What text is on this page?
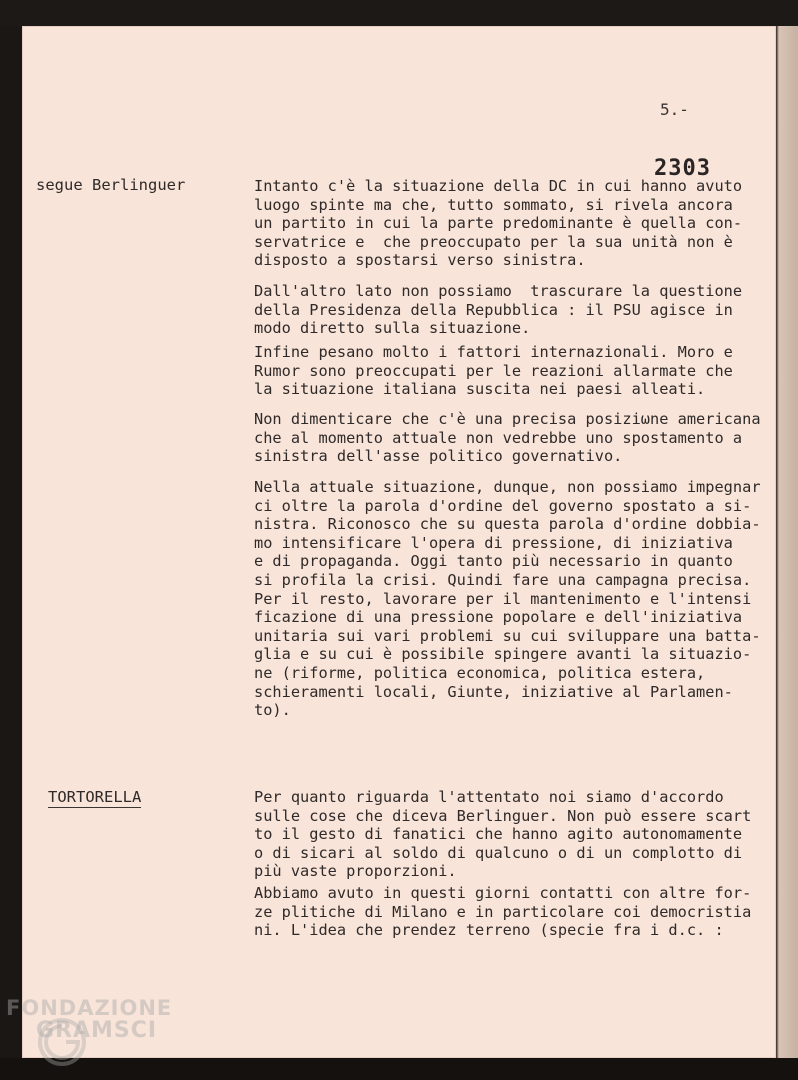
5.-
2303
segue Berlinguer	Intanto c'è la situazione della DC in cui hanno avuto
luogo spinte ma che, tutto sommato, si rivela ancora
un partito in cui la parte predominante è quella con-
servatrice e  che preoccupato per la sua unità non è
disposto a spostarsi verso sinistra.
Dall'altro lato non possiamo  trascurare la questione
della Presidenza della Repubblica : il PSU agisce in
modo diretto sulla situazione.
Infine pesano molto i fattori internazionali. Moro e
Rumor sono preoccupati per le reazioni allarmate che
la situazione italiana suscita nei paesi alleati.
Non dimenticare che c'è una precisa posiziωne americana
che al momento attuale non vedrebbe uno spostamento a
sinistra dell'asse politico governativo.
Nella attuale situazione, dunque, non possiamo impegnar
ci oltre la parola d'ordine del governo spostato a si-
nistra. Riconosco che su questa parola d'ordine dobbia-
mo intensificare l'opera di pressione, di iniziativa
e di propaganda. Oggi tanto più necessario in quanto
si profila la crisi. Quindi fare una campagna precisa.
Per il resto, lavorare per il mantenimento e l'intensi
ficazione di una pressione popolare e dell'iniziativa
unitaria sui vari problemi su cui sviluppare una batta-
glia e su cui è possibile spingere avanti la situazio-
ne (riforme, politica economica, politica estera,
schieramenti locali, Giunte, iniziative al Parlamen-
to).
TORTORELLA	Per quanto riguarda l'attentato noi siamo d'accordo
sulle cose che diceva Berlinguer. Non può essere scart
to il gesto di fanatici che hanno agito autonomamente
o di sicari al soldo di qualcuno o di un complotto di
più vaste proporzioni.
Abbiamo avuto in questi giorni contatti con altre for-
ze plitiche di Milano e in particolare coi democristia
ni. L'idea che prendez terreno (specie fra i d.c. :
FONDAZIONE
GRAMSCI
